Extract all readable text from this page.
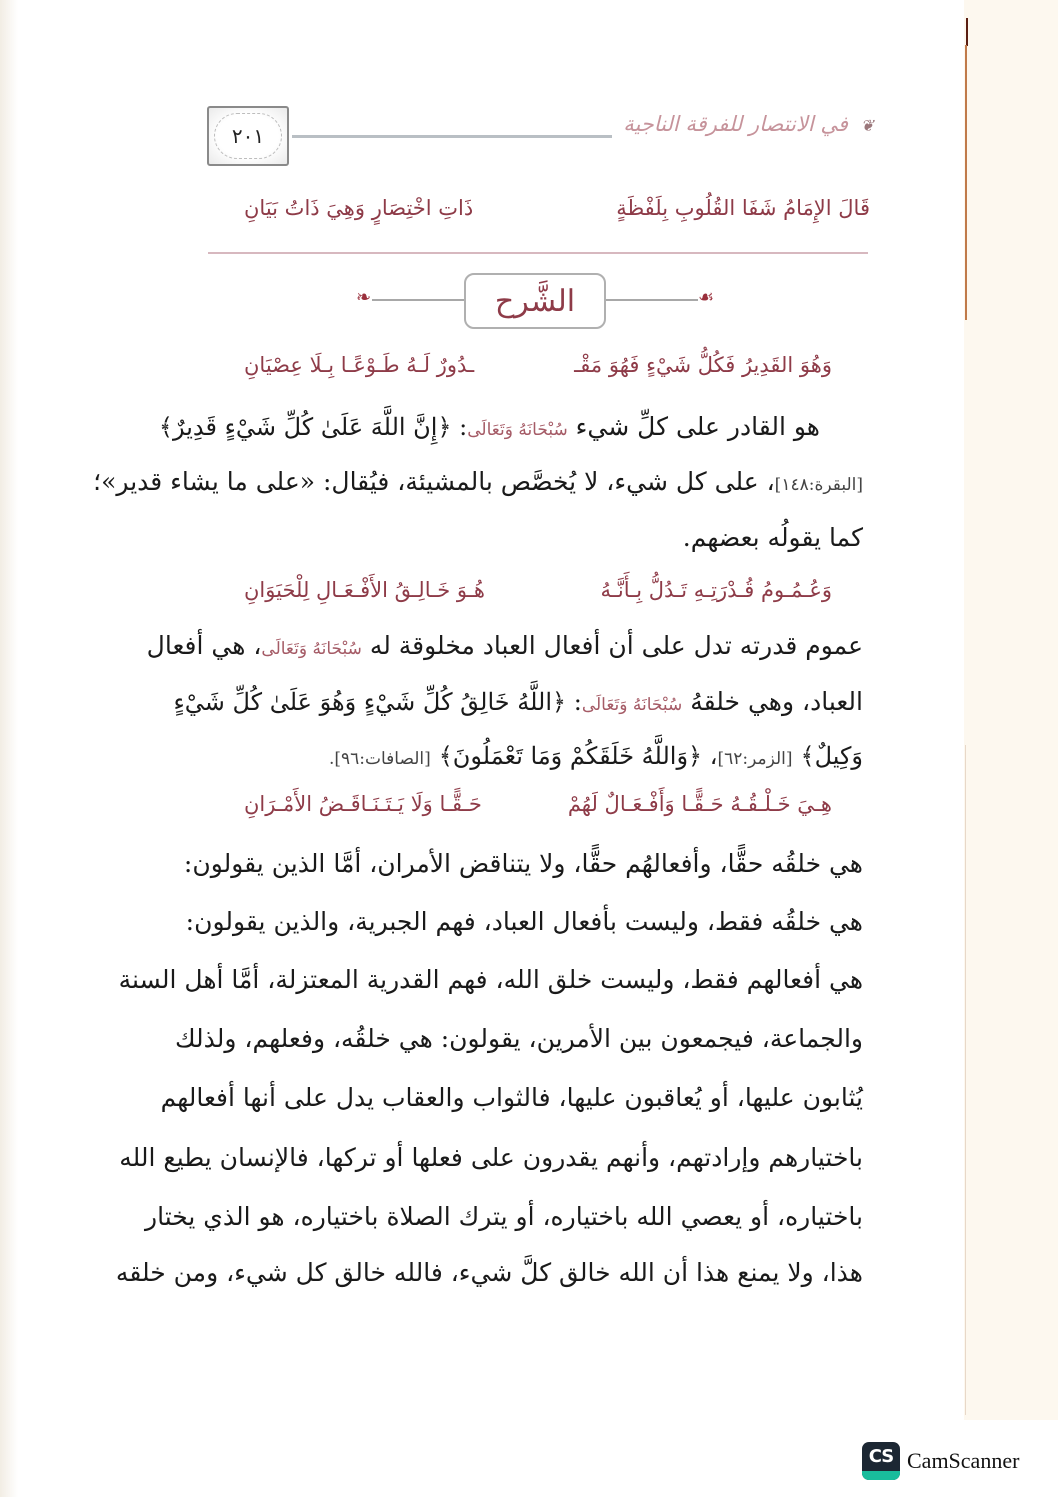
٢٠١	❦ في الانتصار للفرقة الناجية
قَالَ الإِمَامُ شَفَا القُلُوبِ بِلَفْظَةٍ
ذَاتِ اخْتِصَارٍ وَهِيَ ذَاتُ بَيَانِ
❧	الشَّرح	☙
وَهُوَ القَدِيرُ فَكُلُّ شَيْءٍ فَهُوَ مَقْـ
ـدُورٌ لَـهُ طَـوْعًـا بِـلَا عِصْيَانِ
هو القادر على كلِّ شيء سُبْحَانَهُ وَتَعَالَى: ﴿إِنَّ اللَّهَ عَلَىٰ كُلِّ شَيْءٍ قَدِيرٌ﴾
[البقرة:١٤٨]، على كل شيء، لا يُخصَّص بالمشيئة، فيُقال: «على ما يشاء قدير»؛
كما يقولُه بعضهم.
وَعُـمُـومُ قُـدْرَتِـهِ تَـدُلُّ بِـأَنَّـهُ
هُـوَ خَـالِـقُ الأَفْـعَـالِ لِلْحَيَوَانِ
عموم قدرته تدل على أن أفعال العباد مخلوقة له سُبْحَانَهُ وَتَعَالَى، هي أفعال
العباد، وهي خلقهُ سُبْحَانَهُ وَتَعَالَى: ﴿اللَّهُ خَالِقُ كُلِّ شَيْءٍ وَهُوَ عَلَىٰ كُلِّ شَيْءٍ
وَكِيلٌ﴾ [الزمر:٦٢]، ﴿وَاللَّهُ خَلَقَكُمْ وَمَا تَعْمَلُونَ﴾ [الصافات:٩٦].
هِـيَ خَـلْـقُـهُ حَـقًّـا وَأَفْـعَـالٌ لَهُمْ
حَـقًّـا وَلَا يَـتَـنَـاقَـضُ الأَمْـرَانِ
هي خلقُه حقًّا، وأفعالهُم حقًّا، ولا يتناقض الأمران، أمَّا الذين يقولون:
هي خلقُه فقط، وليست بأفعال العباد، فهم الجبرية، والذين يقولون:
هي أفعالهم فقط، وليست خلق الله، فهم القدرية المعتزلة، أمَّا أهل السنة
والجماعة، فيجمعون بين الأمرين، يقولون: هي خلقُه، وفعلهم، ولذلك
يُثابون عليها، أو يُعاقبون عليها، فالثواب والعقاب يدل على أنها أفعالهم
باختيارهم وإرادتهم، وأنهم يقدرون على فعلها أو تركها، فالإنسان يطيع الله
باختياره، أو يعصي الله باختياره، أو يترك الصلاة باختياره، هو الذي يختار
هذا، ولا يمنع هذا أن الله خالق كلَّ شيء، فالله خالق كل شيء، ومن خلقه
CS CamScanner
